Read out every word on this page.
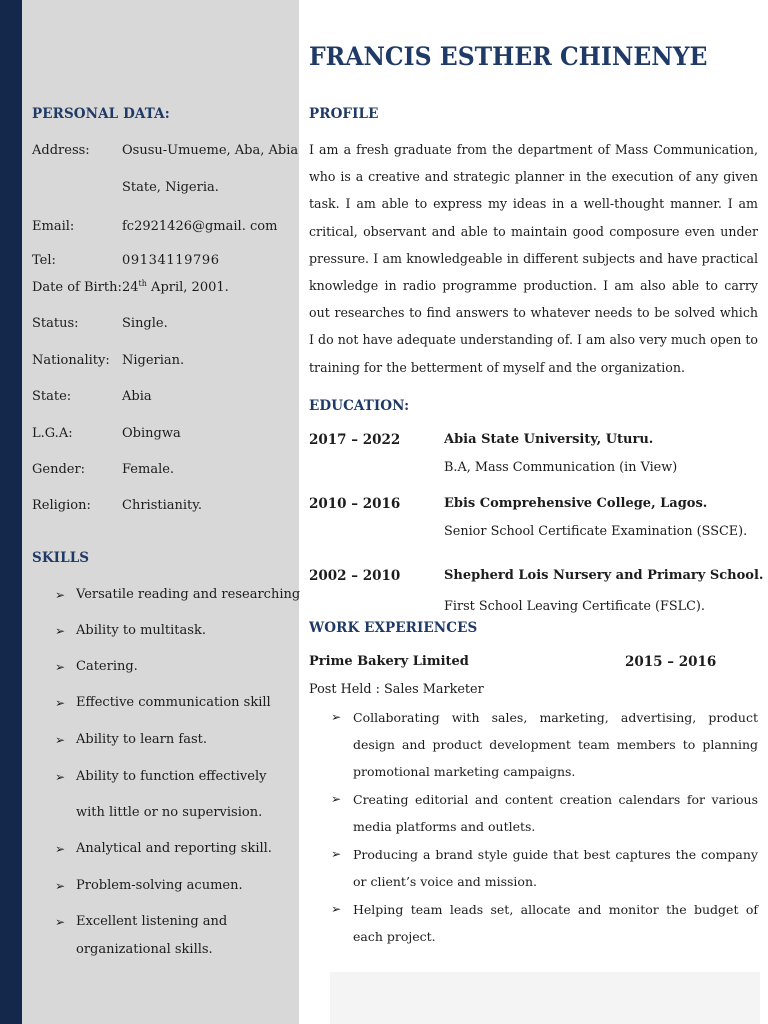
PERSONAL DATA:
Address: Osusu-Umueme, Aba, Abia
State, Nigeria.
Email:	fc2921426@gmail. com
Tel:	09134119796
Date of Birth: 24th April, 2001.
Status:	Single.
Nationality: Nigerian.
State:	Abia
L.G.A:	Obingwa
Gender:	Female.
Religion: Christianity.
SKILLS
➢ Versatile reading and researching
➢ Ability to multitask.
➢ Catering.
➢ Effective communication skill
➢ Ability to learn fast.
➢ Ability to function effectively
with little or no supervision.
➢ Analytical and reporting skill.
➢ Problem-solving acumen.
➢ Excellent listening and
organizational skills.
FRANCIS ESTHER CHINENYE
PROFILE
I am a fresh graduate from the department of Mass Communication, who is a creative and strategic planner in the execution of any given task. I am able to express my ideas in a well-thought manner. I am critical, observant and able to maintain good composure even under pressure. I am knowledgeable in different subjects and have practical knowledge in radio programme production. I am also able to carry out researches to find answers to whatever needs to be solved which I do not have adequate understanding of. I am also very much open to training for the betterment of myself and the organization.
EDUCATION:
2017 – 2022	Abia State University, Uturu.
B.A, Mass Communication (in View)
2010 – 2016	Ebis Comprehensive College, Lagos.
Senior School Certificate Examination (SSCE).
2002 – 2010	Shepherd Lois Nursery and Primary School.
First School Leaving Certificate (FSLC).
WORK EXPERIENCES
Prime Bakery Limited	2015 – 2016
Post Held : Sales Marketer
➢ Collaborating with sales, marketing, advertising, product design and product development team members to planning promotional marketing campaigns.
➢ Creating editorial and content creation calendars for various media platforms and outlets.
➢ Producing a brand style guide that best captures the company or client’s voice and mission.
➢ Helping team leads set, allocate and monitor the budget of each project.
